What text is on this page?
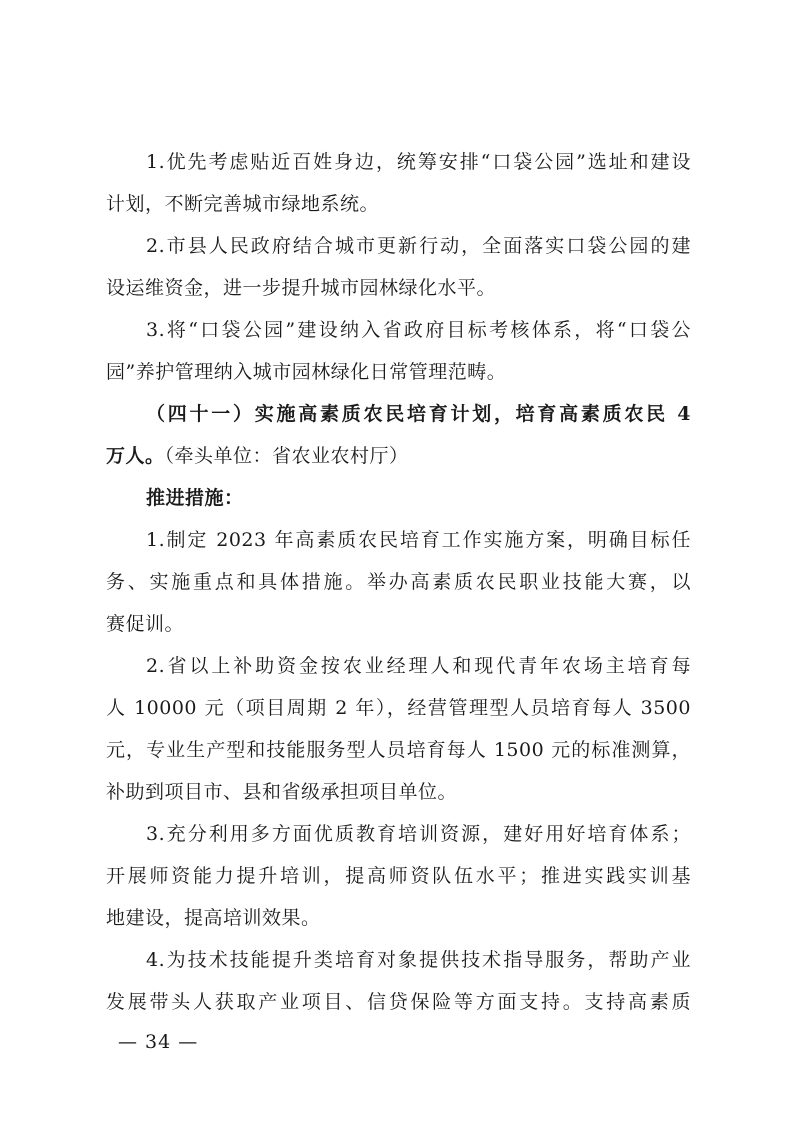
1.优先考虑贴近百姓身边，统筹安排“口袋公园”选址和建设
计划，不断完善城市绿地系统。
2.市县人民政府结合城市更新行动，全面落实口袋公园的建
设运维资金，进一步提升城市园林绿化水平。
3.将“口袋公园”建设纳入省政府目标考核体系，将“口袋公
园”养护管理纳入城市园林绿化日常管理范畴。
（四十一）实施高素质农民培育计划，培育高素质农民 4
万人。（牵头单位：省农业农村厅）
推进措施：
1.制定 2023 年高素质农民培育工作实施方案，明确目标任
务、实施重点和具体措施。举办高素质农民职业技能大赛，以
赛促训。
2.省以上补助资金按农业经理人和现代青年农场主培育每
人 10000 元（项目周期 2 年），经营管理型人员培育每人 3500
元，专业生产型和技能服务型人员培育每人 1500 元的标准测算，
补助到项目市、县和省级承担项目单位。
3.充分利用多方面优质教育培训资源，建好用好培育体系；
开展师资能力提升培训，提高师资队伍水平；推进实践实训基
地建设，提高培训效果。
4.为技术技能提升类培育对象提供技术指导服务，帮助产业
发展带头人获取产业项目、信贷保险等方面支持。支持高素质
— 34 —
